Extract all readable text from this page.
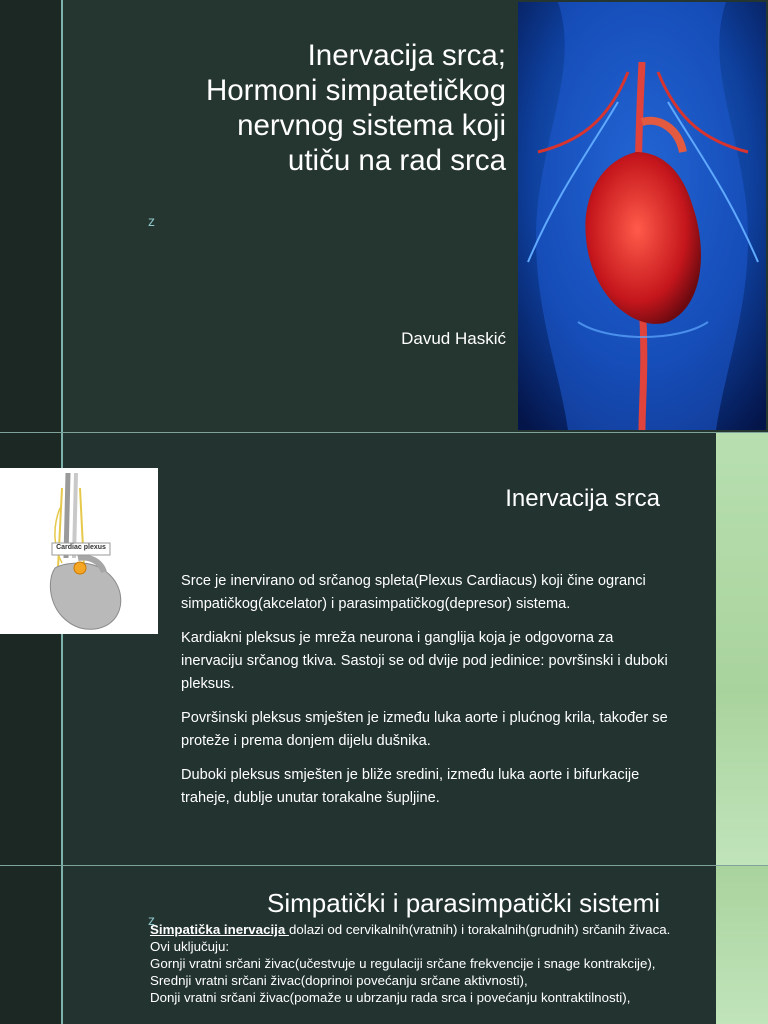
Inervacija srca;
Hormoni simpatetičkog
nervnog sistema koji
utiču na rad srca
z
Davud Haskić
Cardiac plexus
Inervacija srca

Srce je inervirano od srčanog spleta(Plexus Cardiacus) koji čine ogranci simpatičkog(akcelator) i parasimpatičkog(depresor) sistema.

Kardiakni pleksus je mreža neurona i ganglija koja je odgovorna za inervaciju srčanog tkiva. Sastoji se od dvije pod jedinice: površinski i duboki pleksus.

Površinski pleksus smješten je između luka aorte i plućnog krila, također se proteže i prema donjem dijelu dušnika.

Duboki pleksus smješten je bliže sredini, između luka aorte i bifurkacije traheje, dublje unutar torakalne šupljine.

z
Simpatički i parasimpatički sistemi
Simpatička inervacija dolazi od cervikalnih(vratnih) i torakalnih(grudnih) srčanih živaca. Ovi uključuju:
Gornji vratni srčani živac(učestvuje u regulaciji srčane frekvencije i snage kontrakcije),
Srednji vratni srčani živac(doprinoi povećanju srčane aktivnosti),
Donji vratni srčani živac(pomaže u ubrzanju rada srca i povećanju kontraktilnosti),
